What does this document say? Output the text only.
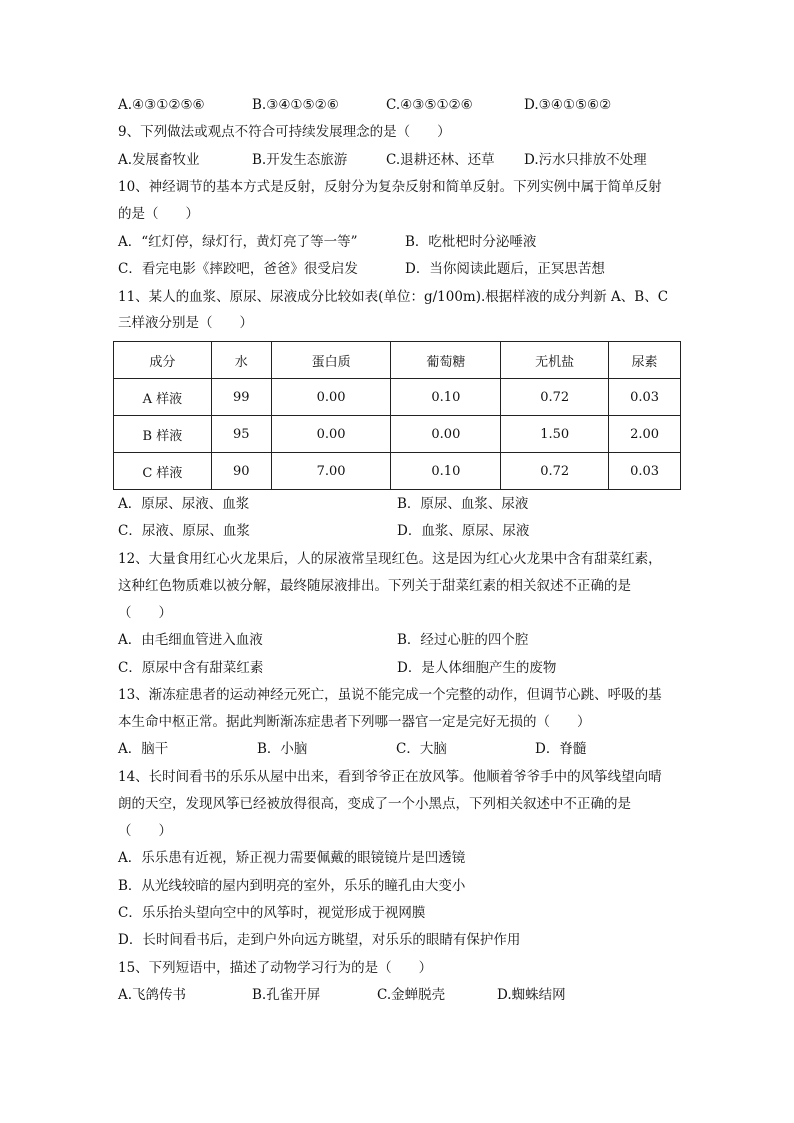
A.④③①②⑤⑥	B.③④①⑤②⑥	C.④③⑤①②⑥	D.③④①⑤⑥②
9、下列做法或观点不符合可持续发展理念的是（　　）
A.发展畜牧业	B.开发生态旅游	C.退耕还林、还草 D.污水只排放不处理
10、神经调节的基本方式是反射，反射分为复杂反射和简单反射。下列实例中属于简单反射
的是（　　）
A．“红灯停，绿灯行，黄灯亮了等一等”	B．吃枇杷时分泌唾液
C．看完电影《摔跤吧，爸爸》很受启发	D．当你阅读此题后，正冥思苦想
11、某人的血浆、原尿、尿液成分比较如表(单位：g/100m).根据样液的成分判新 A、B、C
三样液分别是（　　）
成分	水	蛋白质	葡萄糖	无机盐	尿素
A 样液	99	0.00	0.10	0.72	0.03
B 样液	95	0.00	0.00	1.50	2.00
C 样液	90	7.00	0.10	0.72	0.03
A．原尿、尿液、血浆	B．原尿、血浆、尿液
C．尿液、原尿、血浆	D．血浆、原尿、尿液
12、大量食用红心火龙果后，人的尿液常呈现红色。这是因为红心火龙果中含有甜菜红素，
这种红色物质难以被分解，最终随尿液排出。下列关于甜菜红素的相关叙述不正确的是
（　　）
A．由毛细血管进入血液	B．经过心脏的四个腔
C．原尿中含有甜菜红素	D．是人体细胞产生的废物
13、渐冻症患者的运动神经元死亡，虽说不能完成一个完整的动作，但调节心跳、呼吸的基
本生命中枢正常。据此判断渐冻症患者下列哪一器官一定是完好无损的（　　）
A．脑干	B．小脑	C．大脑	D．脊髓
14、长时间看书的乐乐从屋中出来，看到爷爷正在放风筝。他顺着爷爷手中的风筝线望向晴
朗的天空，发现风筝已经被放得很高，变成了一个小黑点，下列相关叙述中不正确的是
（　　）
A．乐乐患有近视，矫正视力需要佩戴的眼镜镜片是凹透镜
B．从光线较暗的屋内到明亮的室外，乐乐的瞳孔由大变小
C．乐乐抬头望向空中的风筝时，视觉形成于视网膜
D．长时间看书后，走到户外向远方眺望，对乐乐的眼睛有保护作用
15、下列短语中，描述了动物学习行为的是（　　）
A.飞鸽传书	B.孔雀开屏	C.金蝉脱壳	D.蜘蛛结网
